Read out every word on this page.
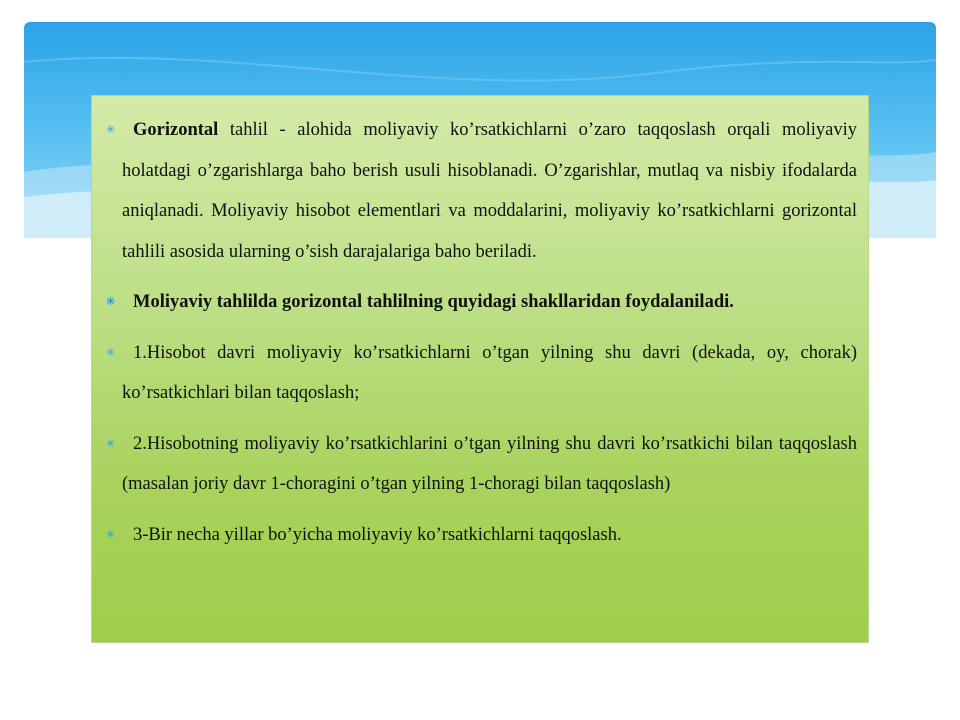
✳ Gorizontal tahlil - alohida moliyaviy ko’rsatkichlarni o’zaro taqqoslash orqali moliyaviy holatdagi o’zgarishlarga baho berish usuli hisoblanadi. O’zgarishlar, mutlaq va nisbiy ifodalarda aniqlanadi. Moliyaviy hisobot elementlari va moddalarini, moliyaviy ko’rsatkichlarni gorizontal tahlili asosida ularning o’sish darajalariga baho beriladi.

✳ Moliyaviy tahlilda gorizontal tahlilning quyidagi shakllaridan foydalaniladi.

✳ 1.Hisobot davri moliyaviy ko’rsatkichlarni o’tgan yilning shu davri (dekada, oy, chorak) ko’rsatkichlari bilan taqqoslash;

✳ 2.Hisobotning moliyaviy ko’rsatkichlarini o’tgan yilning shu davri ko’rsatkichi bilan taqqoslash (masalan joriy davr 1-choragini o’tgan yilning 1-choragi bilan taqqoslash)

✳ 3-Bir necha yillar bo’yicha moliyaviy ko’rsatkichlarni taqqoslash.
